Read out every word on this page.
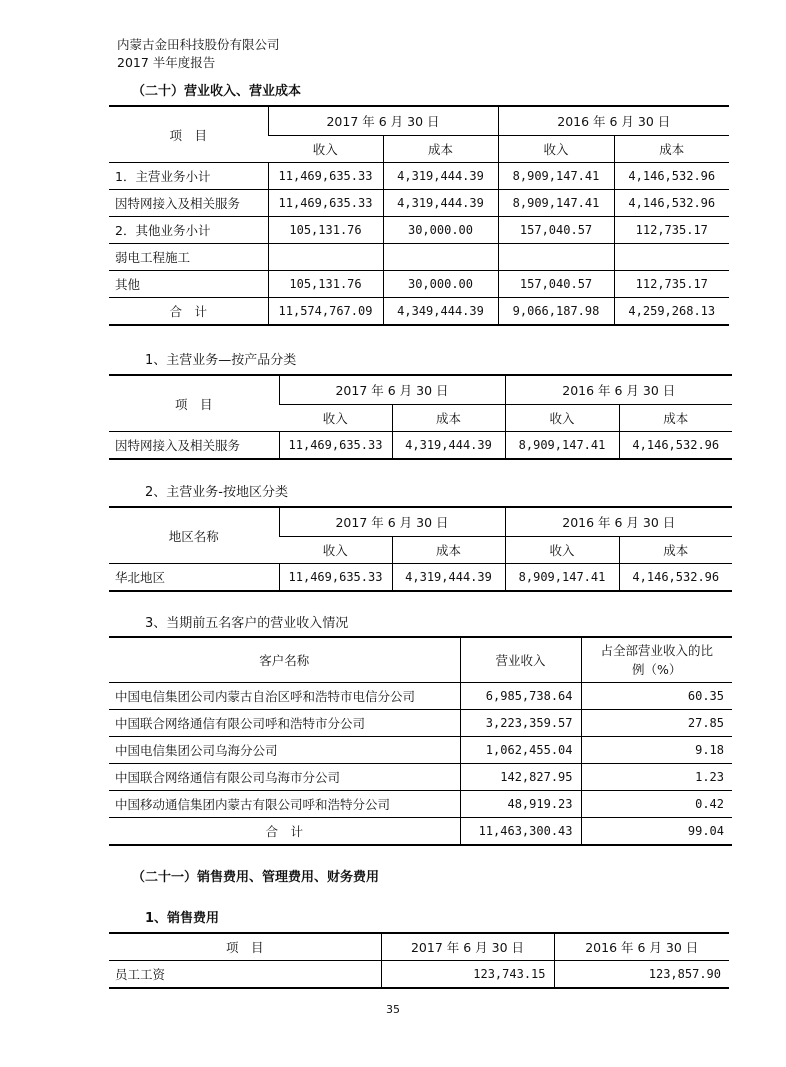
内蒙古金田科技股份有限公司
2017 半年度报告
（二十）营业收入、营业成本
项　目	2017 年 6 月 30 日		2016 年 6 月 30 日	
	收入	成本	收入	成本
1．主营业务小计	11,469,635.33	4,319,444.39	8,909,147.41	4,146,532.96
因特网接入及相关服务	11,469,635.33	4,319,444.39	8,909,147.41	4,146,532.96
2．其他业务小计	105,131.76	30,000.00	157,040.57	112,735.17
弱电工程施工				
其他	105,131.76	30,000.00	157,040.57	112,735.17
合　计	11,574,767.09	4,349,444.39	9,066,187.98	4,259,268.13
1、主营业务—按产品分类
项　目	2017 年 6 月 30 日		2016 年 6 月 30 日	
	收入	成本	收入	成本
因特网接入及相关服务	11,469,635.33	4,319,444.39	8,909,147.41	4,146,532.96
2、主营业务-按地区分类
地区名称	2017 年 6 月 30 日		2016 年 6 月 30 日	
	收入	成本	收入	成本
华北地区	11,469,635.33	4,319,444.39	8,909,147.41	4,146,532.96
3、当期前五名客户的营业收入情况
客户名称	营业收入	占全部营业收入的比
例（%）

中国电信集团公司内蒙古自治区呼和浩特市电信分公司	6,985,738.64	60.35
中国联合网络通信有限公司呼和浩特市分公司	3,223,359.57	27.85
中国电信集团公司乌海分公司	1,062,455.04	9.18
中国联合网络通信有限公司乌海市分公司	142,827.95	1.23
中国移动通信集团内蒙古有限公司呼和浩特分公司	48,919.23	0.42
合　计	11,463,300.43	99.04
（二十一）销售费用、管理费用、财务费用
1、销售费用
项　目	2017 年 6 月 30 日	2016 年 6 月 30 日
员工工资	123,743.15	123,857.90
35
